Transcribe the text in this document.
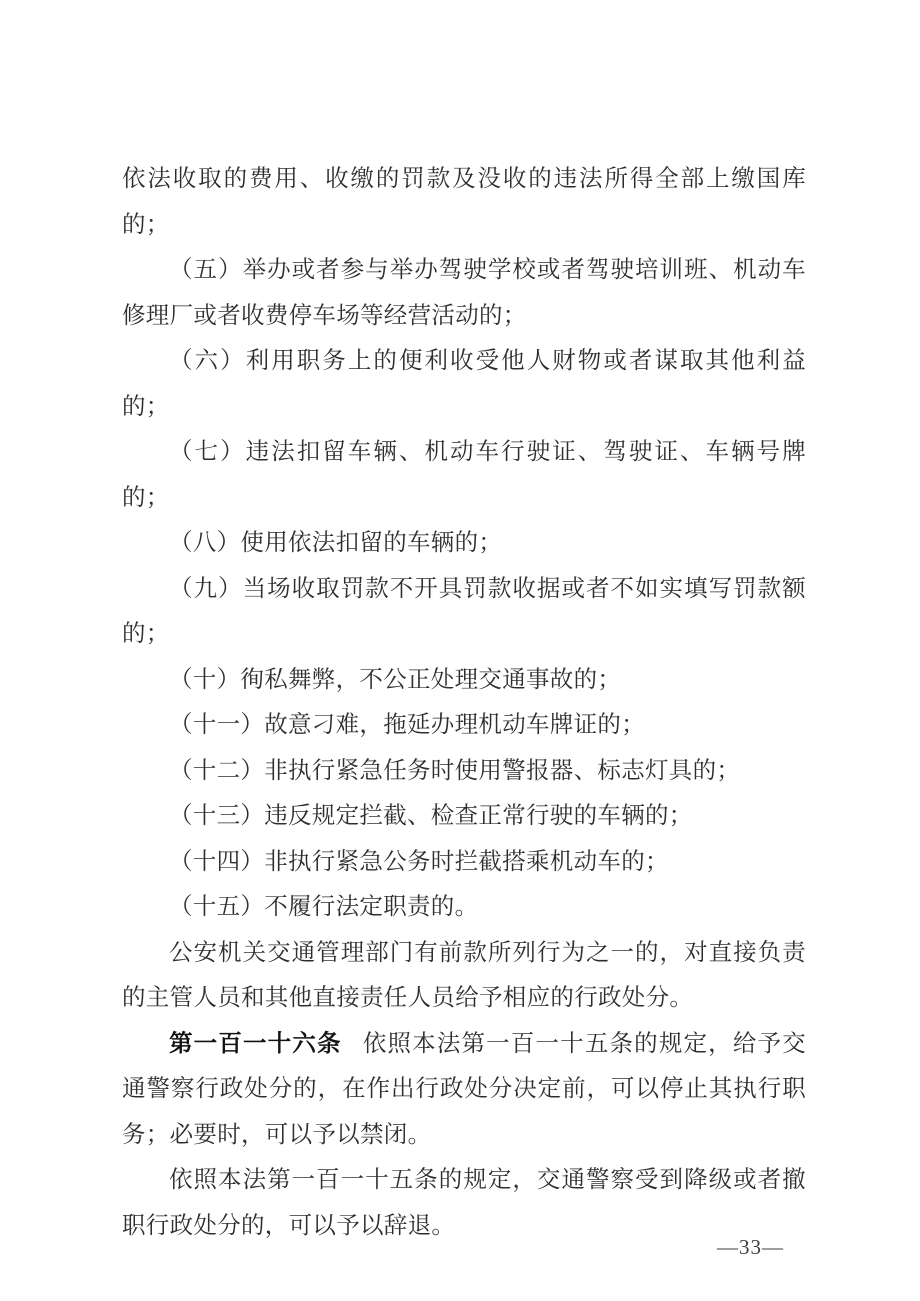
依法收取的费用、收缴的罚款及没收的违法所得全部上缴国库的；

（五）举办或者参与举办驾驶学校或者驾驶培训班、机动车修理厂或者收费停车场等经营活动的；

（六）利用职务上的便利收受他人财物或者谋取其他利益的；

（七）违法扣留车辆、机动车行驶证、驾驶证、车辆号牌的；

（八）使用依法扣留的车辆的；

（九）当场收取罚款不开具罚款收据或者不如实填写罚款额的；

（十）徇私舞弊，不公正处理交通事故的；

（十一）故意刁难，拖延办理机动车牌证的；

（十二）非执行紧急任务时使用警报器、标志灯具的；

（十三）违反规定拦截、检查正常行驶的车辆的；

（十四）非执行紧急公务时拦截搭乘机动车的；

（十五）不履行法定职责的。

公安机关交通管理部门有前款所列行为之一的，对直接负责的主管人员和其他直接责任人员给予相应的行政处分。

第一百一十六条 依照本法第一百一十五条的规定，给予交通警察行政处分的，在作出行政处分决定前，可以停止其执行职务；必要时，可以予以禁闭。

依照本法第一百一十五条的规定，交通警察受到降级或者撤职行政处分的，可以予以辞退。

—33—
